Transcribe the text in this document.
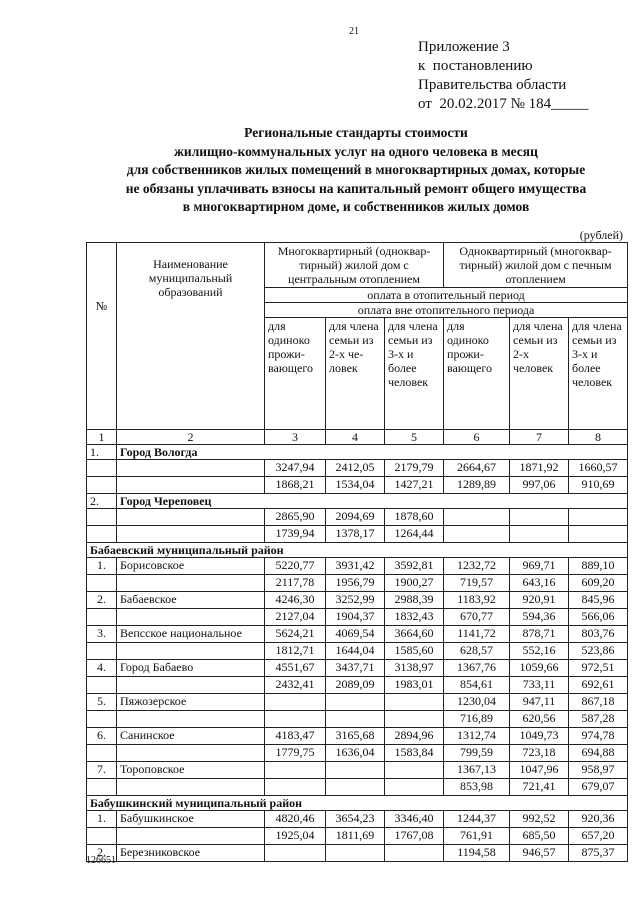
21
Приложение 3
к  постановлению
Правительства области
от  20.02.2017 № 184_____
Региональные стандарты стоимости
жилищно-коммунальных услуг на одного человека в месяц
для собственников жилых помещений в многоквартирных домах, которые
не обязаны уплачивать взносы на капитальный ремонт общего имущества
в многоквартирном доме, и собственников жилых домов
(рублей)
№	Наименование муниципальный образований	Многоквартирный (одноквар-тирный) жилой дом с центральным отоплением			Одноквартирный (многоквар-тирный) жилой дом с печным отоплением		
		оплата в отопительный период					
		оплата вне отопительного периода					
		для одиноко прожи-вающего	для члена семьи из 2-х че-ловек	для члена семьи из 3-х и более человек	для одиноко прожи-вающего	для члена семьи из 2-х человек	для члена семьи из 3-х и более человек
1	2	3	4	5	6	7	8
1.	Город Вологда						
		3247,94	2412,05	2179,79	2664,67	1871,92	1660,57
		1868,21	1534,04	1427,21	1289,89	997,06	910,69
2.	Город Череповец						
		2865,90	2094,69	1878,60			
		1739,94	1378,17	1264,44			
Бабаевский муниципальный район							
1.	Борисовское	5220,77	3931,42	3592,81	1232,72	969,71	889,10
		2117,78	1956,79	1900,27	719,57	643,16	609,20
2.	Бабаевское	4246,30	3252,99	2988,39	1183,92	920,91	845,96
		2127,04	1904,37	1832,43	670,77	594,36	566,06
3.	Вепсское национальное	5624,21	4069,54	3664,60	1141,72	878,71	803,76
		1812,71	1644,04	1585,60	628,57	552,16	523,86
4.	Город Бабаево	4551,67	3437,71	3138,97	1367,76	1059,66	972,51
		2432,41	2089,09	1983,01	854,61	733,11	692,61
5.	Пяжозерское				1230,04	947,11	867,18
					716,89	620,56	587,28
6.	Санинское	4183,47	3165,68	2894,96	1312,74	1049,73	974,78
		1779,75	1636,04	1583,84	799,59	723,18	694,88
7.	Тороповское				1367,13	1047,96	958,97
					853,98	721,41	679,07
Бабушкинский муниципальный район							
1.	Бабушкинское	4820,46	3654,23	3346,40	1244,37	992,52	920,36
		1925,04	1811,69	1767,08	761,91	685,50	657,20
2.	Березниковское				1194,58	946,57	875,37
126651
